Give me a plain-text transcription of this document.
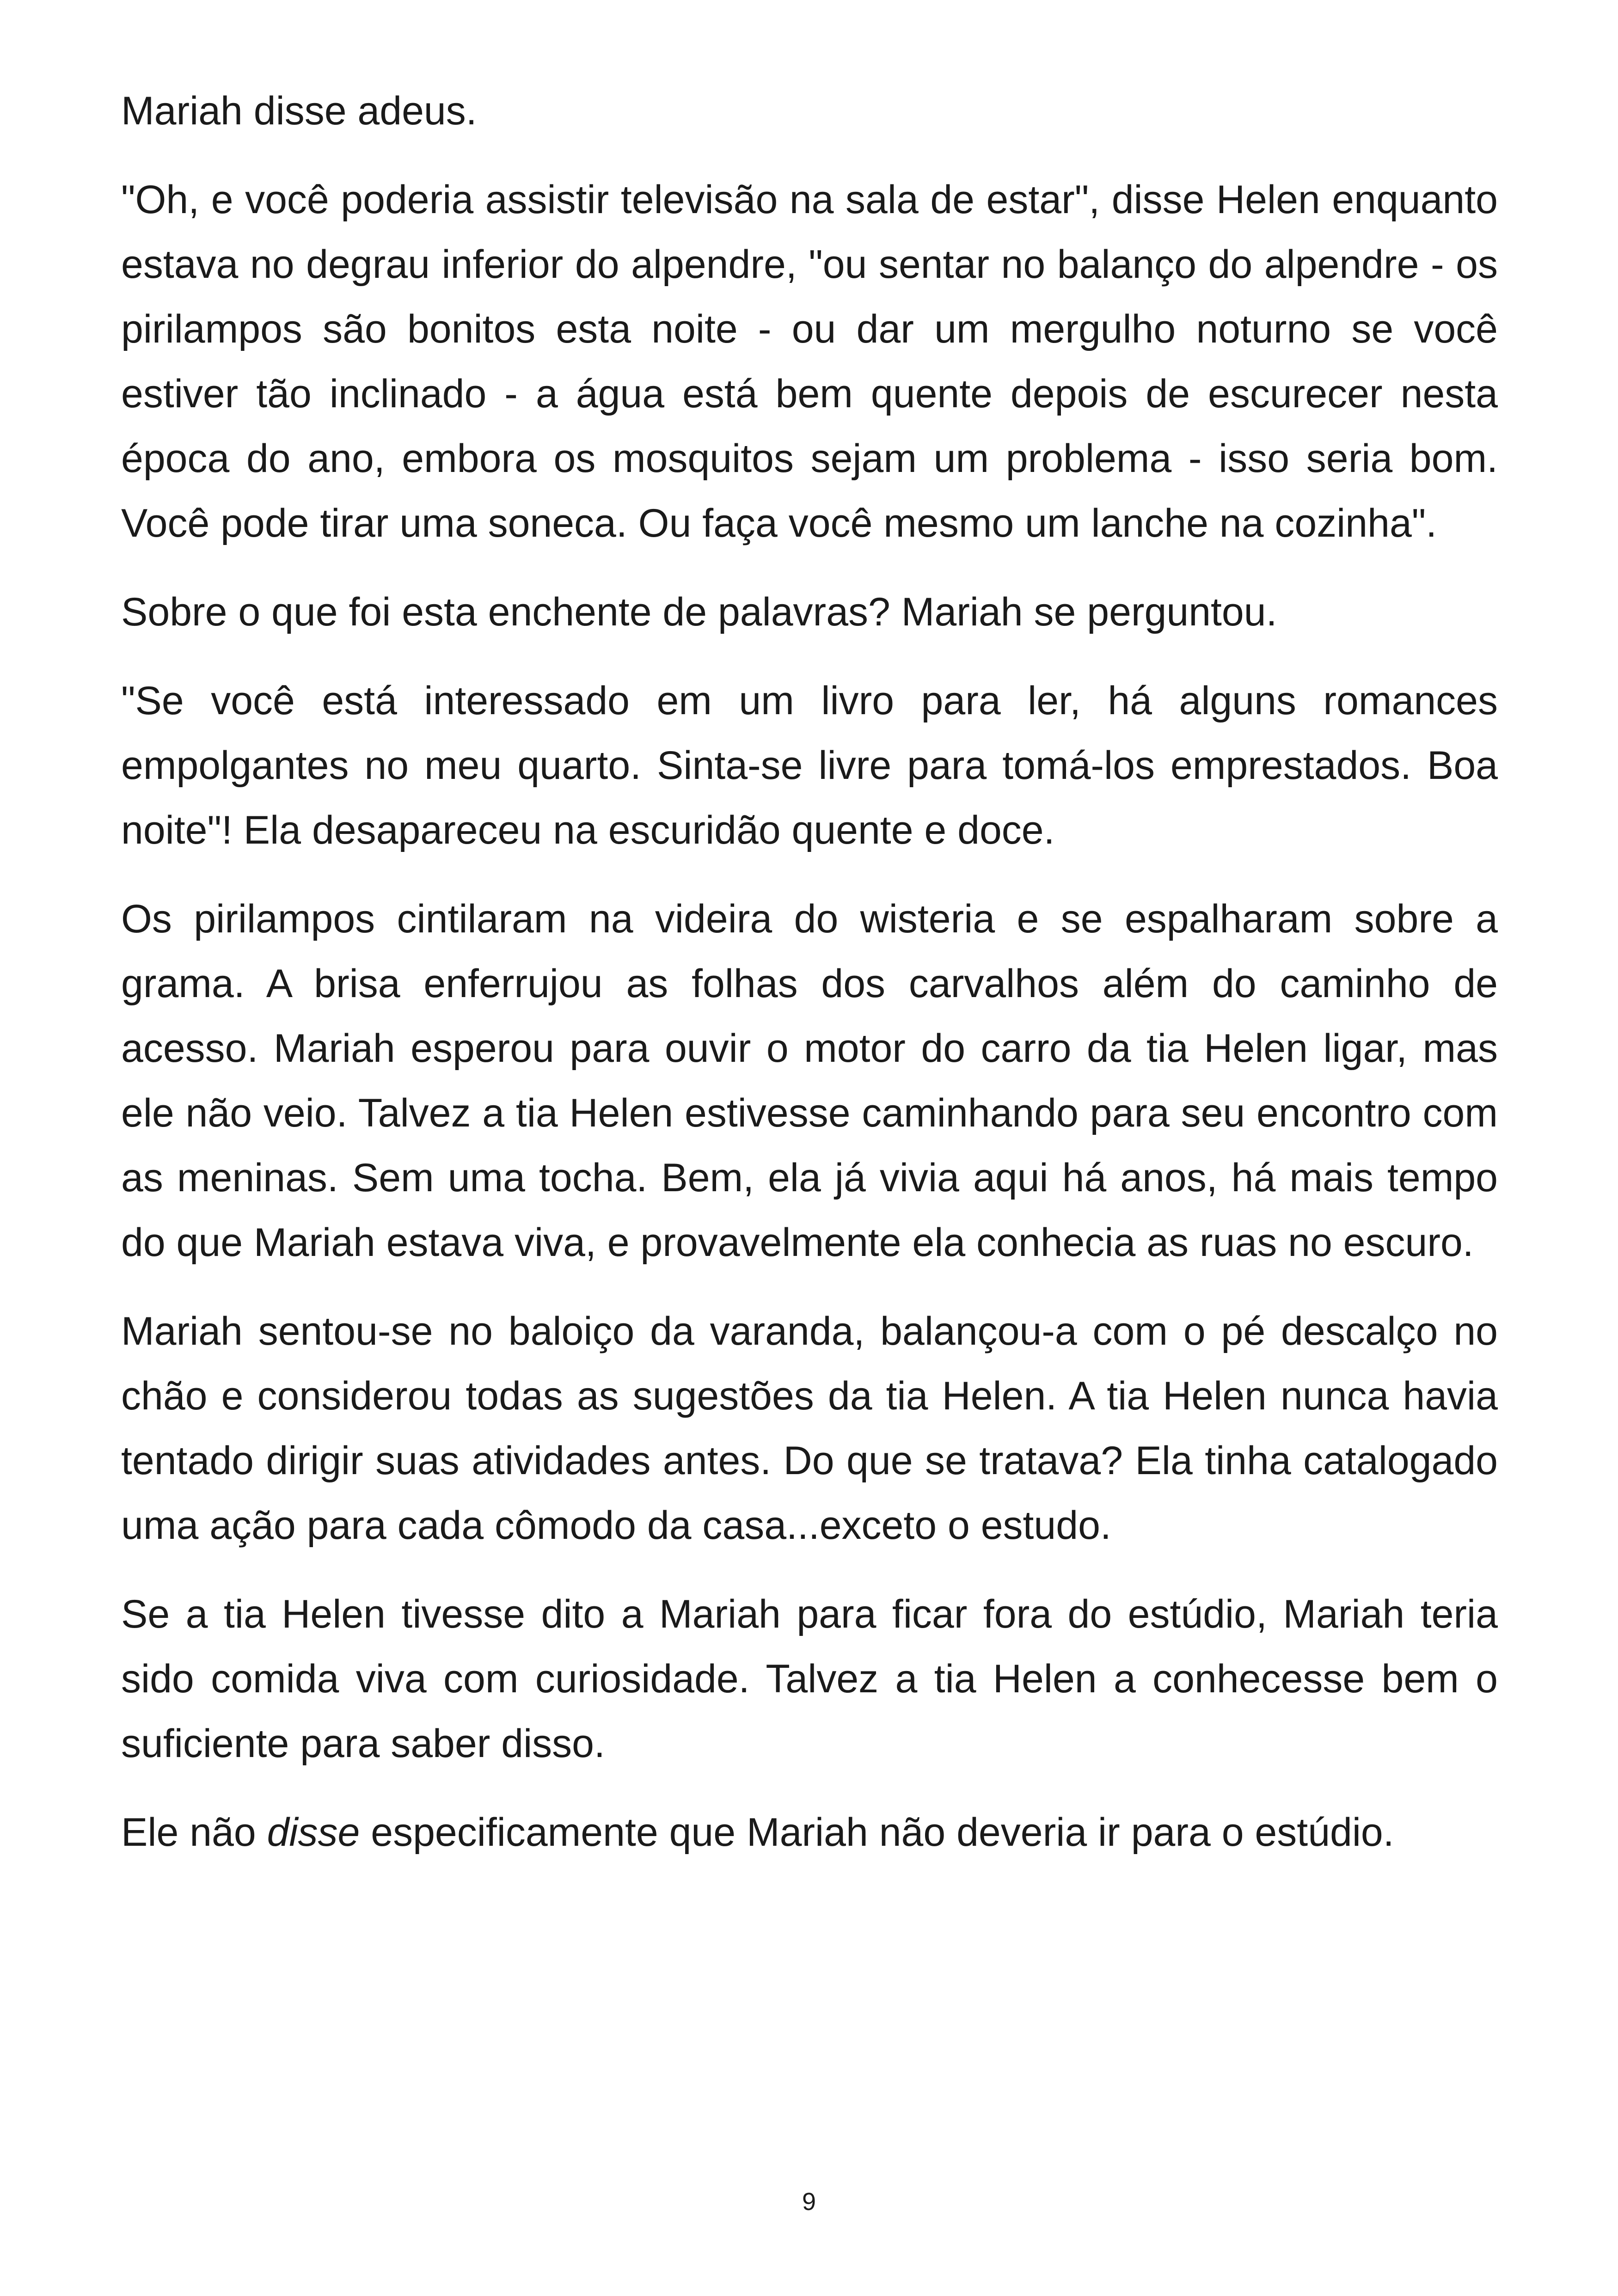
Mariah disse adeus.

"Oh, e você poderia assistir televisão na sala de estar", disse Helen enquanto estava no degrau inferior do alpendre, "ou sentar no balanço do alpendre - os pirilampos são bonitos esta noite - ou dar um mergulho noturno se você estiver tão inclinado - a água está bem quente depois de escurecer nesta época do ano, embora os mosquitos sejam um problema - isso seria bom. Você pode tirar uma soneca. Ou faça você mesmo um lanche na cozinha".

Sobre o que foi esta enchente de palavras? Mariah se perguntou.

"Se você está interessado em um livro para ler, há alguns romances empolgantes no meu quarto. Sinta-se livre para tomá-los emprestados. Boa noite"! Ela desapareceu na escuridão quente e doce.

Os pirilampos cintilaram na videira do wisteria e se espalharam sobre a grama. A brisa enferrujou as folhas dos carvalhos além do caminho de acesso. Mariah esperou para ouvir o motor do carro da tia Helen ligar, mas ele não veio. Talvez a tia Helen estivesse caminhando para seu encontro com as meninas. Sem uma tocha. Bem, ela já vivia aqui há anos, há mais tempo do que Mariah estava viva, e provavelmente ela conhecia as ruas no escuro.

Mariah sentou-se no baloiço da varanda, balançou-a com o pé descalço no chão e considerou todas as sugestões da tia Helen. A tia Helen nunca havia tentado dirigir suas atividades antes. Do que se tratava? Ela tinha catalogado uma ação para cada cômodo da casa...exceto o estudo.

Se a tia Helen tivesse dito a Mariah para ficar fora do estúdio, Mariah teria sido comida viva com curiosidade. Talvez a tia Helen a conhecesse bem o suficiente para saber disso.

Ele não disse especificamente que Mariah não deveria ir para o estúdio.

9
